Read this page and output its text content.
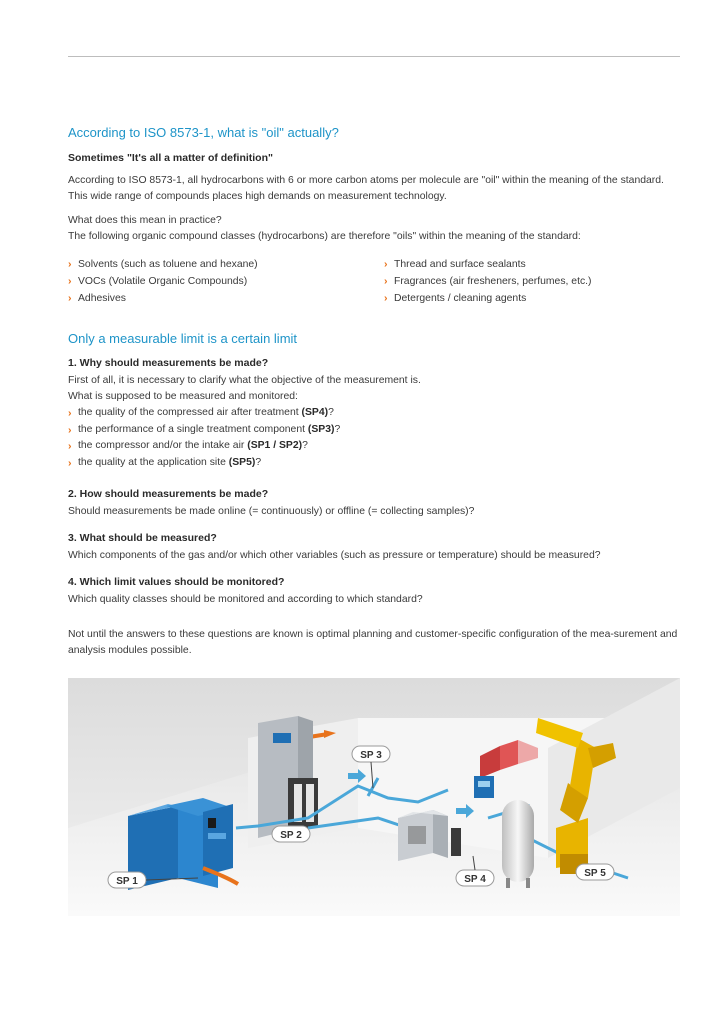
According to ISO 8573-1, what is "oil" actually?
Sometimes "It's all a matter of definition"

According to ISO 8573-1, all hydrocarbons with 6 or more carbon atoms per molecule are "oil" within the meaning of the standard. This wide range of compounds places high demands on measurement technology.

What does this mean in practice?

The following organic compound classes (hydrocarbons) are therefore "oils" within the meaning of the standard:

› Solvents (such as toluene and hexane)
› VOCs (Volatile Organic Compounds)
› Adhesives
› Thread and surface sealants
› Fragrances (air fresheners, perfumes, etc.)
› Detergents / cleaning agents
Only a measurable limit is a certain limit
1. Why should measurements be made?

First of all, it is necessary to clarify what the objective of the measurement is.

What is supposed to be measured and monitored:

› the quality of the compressed air after treatment (SP4)?
› the performance of a single treatment component (SP3)?
› the compressor and/or the intake air (SP1 / SP2)?
› the quality at the application site (SP5)?
2. How should measurements be made?

Should measurements be made online (= continuously) or offline (= collecting samples)?

3. What should be measured?

Which components of the gas and/or which other variables (such as pressure or temperature) should be measured?

4. Which limit values should be monitored?

Which quality classes should be monitored and according to which standard?

Not until the answers to these questions are known is optimal planning and customer-specific configuration of the mea-surement and analysis modules possible.

SP 1
SP 2
SP 3
SP 4
SP 5
